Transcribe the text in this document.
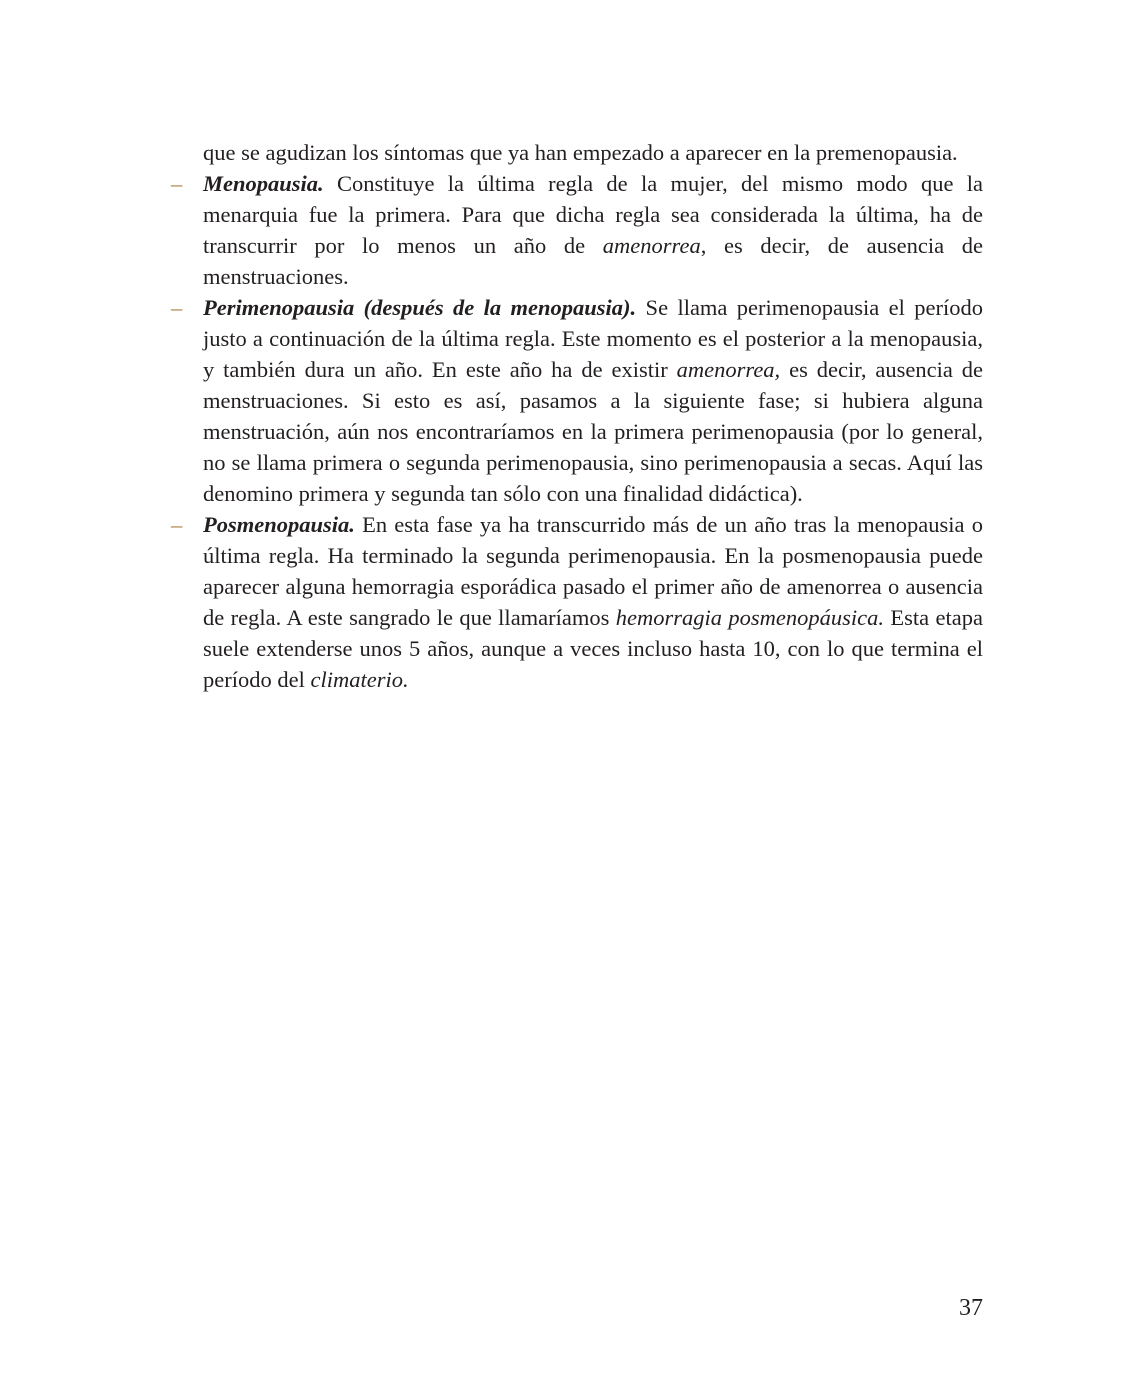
que se agudizan los síntomas que ya han empezado a aparecer en la premenopausia.

– Menopausia. Constituye la última regla de la mujer, del mismo modo que la menarquia fue la primera. Para que dicha regla sea considerada la última, ha de transcurrir por lo menos un año de amenorrea, es decir, de ausencia de menstruaciones.

– Perimenopausia (después de la menopausia). Se llama perimenopausia el período justo a continuación de la última regla. Este momento es el posterior a la menopausia, y también dura un año. En este año ha de existir amenorrea, es decir, ausencia de menstruaciones. Si esto es así, pasamos a la siguiente fase; si hubiera alguna menstruación, aún nos encontraríamos en la primera perimenopausia (por lo general, no se llama primera o segunda perimenopausia, sino perimenopausia a secas. Aquí las denomino primera y segunda tan sólo con una finalidad didáctica).

– Posmenopausia. En esta fase ya ha transcurrido más de un año tras la menopausia o última regla. Ha terminado la segunda perimenopausia. En la posmenopausia puede aparecer alguna hemorragia esporádica pasado el primer año de amenorrea o ausencia de regla. A este sangrado le que llamaríamos hemorragia posmenopáusica. Esta etapa suele extenderse unos 5 años, aunque a veces incluso hasta 10, con lo que termina el período del climaterio.

37
